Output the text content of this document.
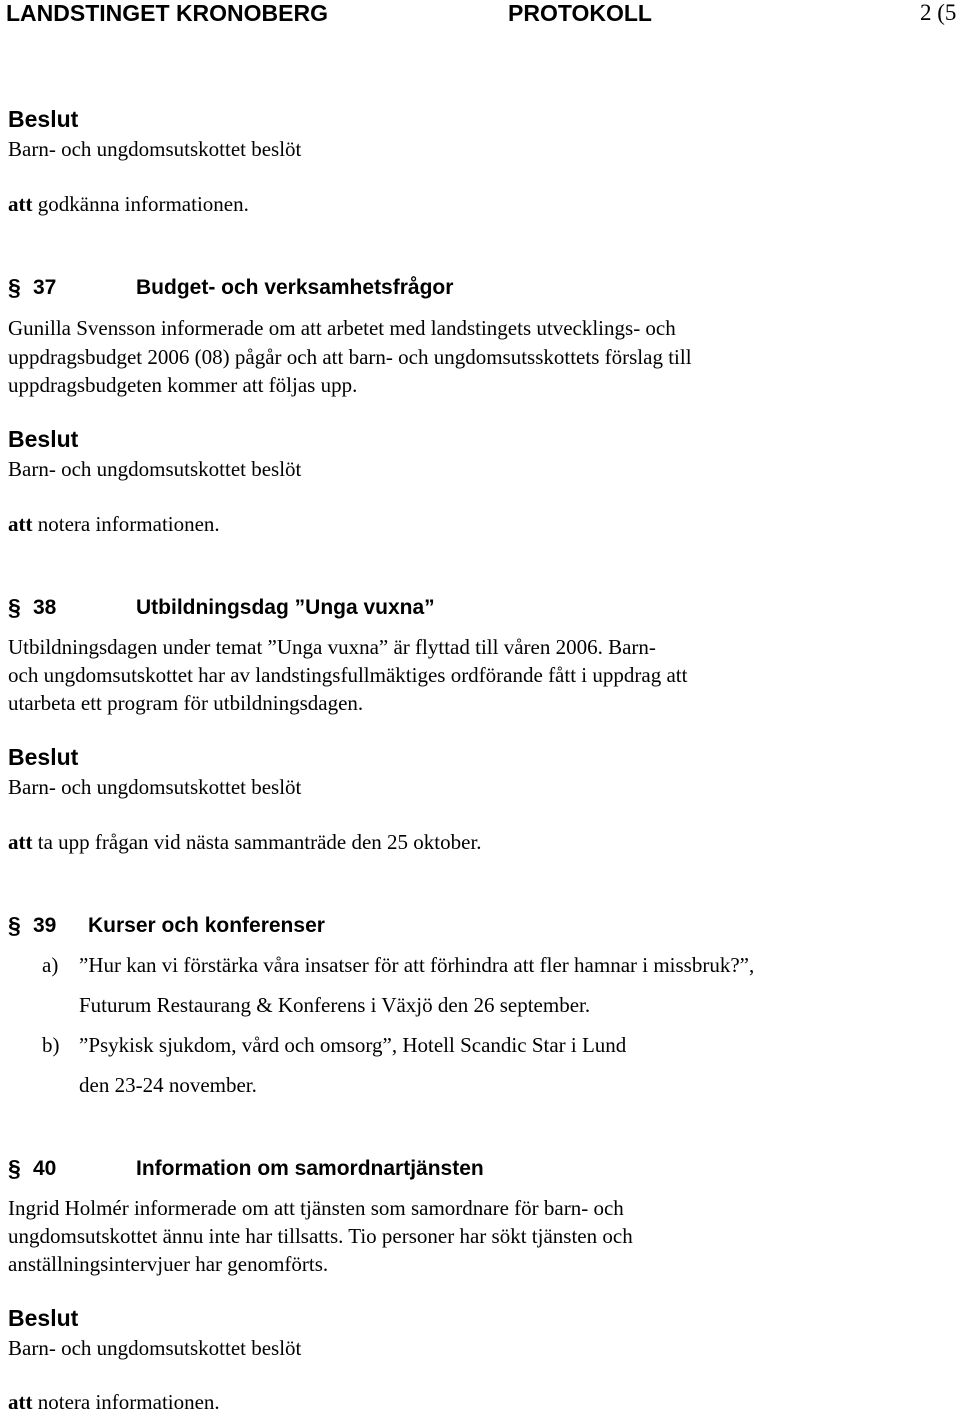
LANDSTINGET KRONOBERG	PROTOKOLL	2 (5
Beslut
Barn- och ungdomsutskottet beslöt
att godkänna informationen.
§ 37	Budget- och verksamhetsfrågor
Gunilla Svensson informerade om att arbetet med landstingets utvecklings- och
uppdragsbudget 2006 (08) pågår och att barn- och ungdomsutsskottets förslag till
uppdragsbudgeten kommer att följas upp.
Beslut
Barn- och ungdomsutskottet beslöt
att notera informationen.
§ 38	Utbildningsdag ”Unga vuxna”
Utbildningsdagen under temat ”Unga vuxna” är flyttad till våren 2006. Barn-
och ungdomsutskottet har av landstingsfullmäktiges ordförande fått i uppdrag att
utarbeta ett program för utbildningsdagen.
Beslut
Barn- och ungdomsutskottet beslöt
att ta upp frågan vid nästa sammanträde den 25 oktober.
§ 39 Kurser och konferenser
a) ”Hur kan vi förstärka våra insatser för att förhindra att fler hamnar i missbruk?”,
Futurum Restaurang & Konferens i Växjö den 26 september.
b) ”Psykisk sjukdom, vård och omsorg”, Hotell Scandic Star i Lund
den 23-24 november.
§ 40	Information om samordnartjänsten
Ingrid Holmér informerade om att tjänsten som samordnare för barn- och
ungdomsutskottet ännu inte har tillsatts. Tio personer har sökt tjänsten och
anställningsintervjuer har genomförts.
Beslut
Barn- och ungdomsutskottet beslöt
att notera informationen.
